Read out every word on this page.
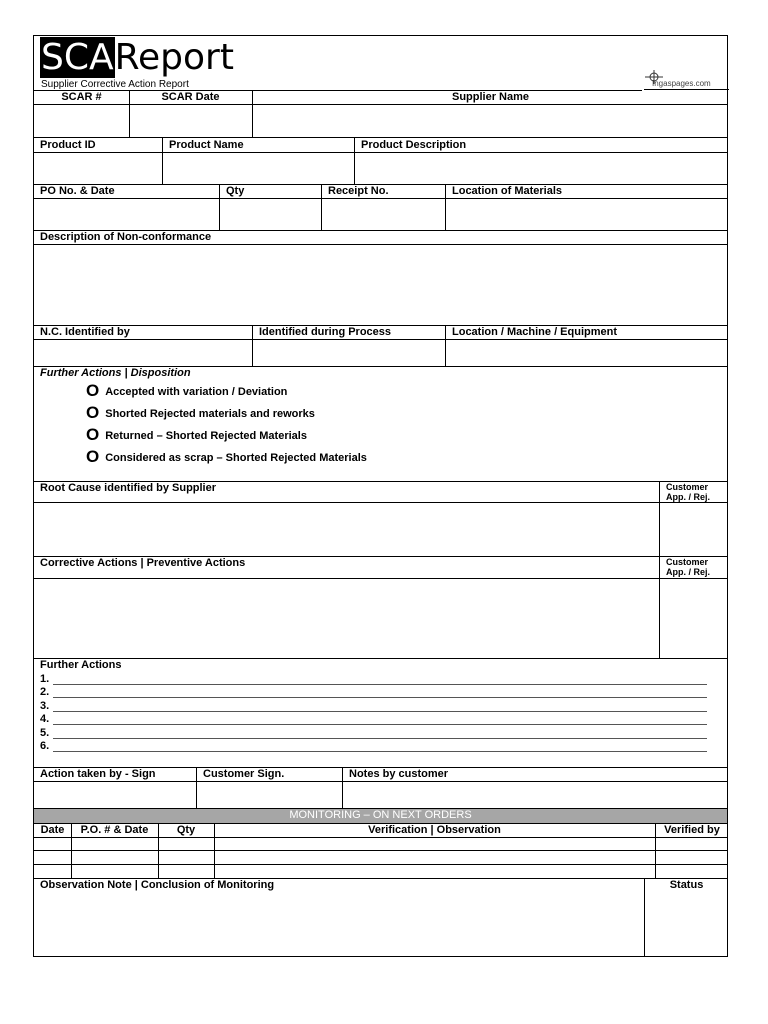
SCAReport
Supplier Corrective Action Report	Ingaspages.com
SCAR #	SCAR Date	Supplier Name
Product ID	Product Name	Product Description
PO No. & Date	Qty	Receipt No.	Location of Materials
Description of Non-conformance
N.C. Identified by	Identified during Process	Location / Machine / Equipment
Further Actions | Disposition
O Accepted with variation / Deviation
O Shorted Rejected materials and reworks
O Returned – Shorted Rejected Materials
O Considered as scrap – Shorted Rejected Materials
Root Cause identified by Supplier	Customer
App. / Rej.
Corrective Actions | Preventive Actions	Customer
App. / Rej.
Further Actions
1.
2.
3.
4.
5.
6.
Action taken by - Sign	Customer Sign.	Notes by customer
MONITORING – ON NEXT ORDERS
Date	P.O. # & Date	Qty	Verification | Observation	Verified by
Observation Note | Conclusion of Monitoring	Status
